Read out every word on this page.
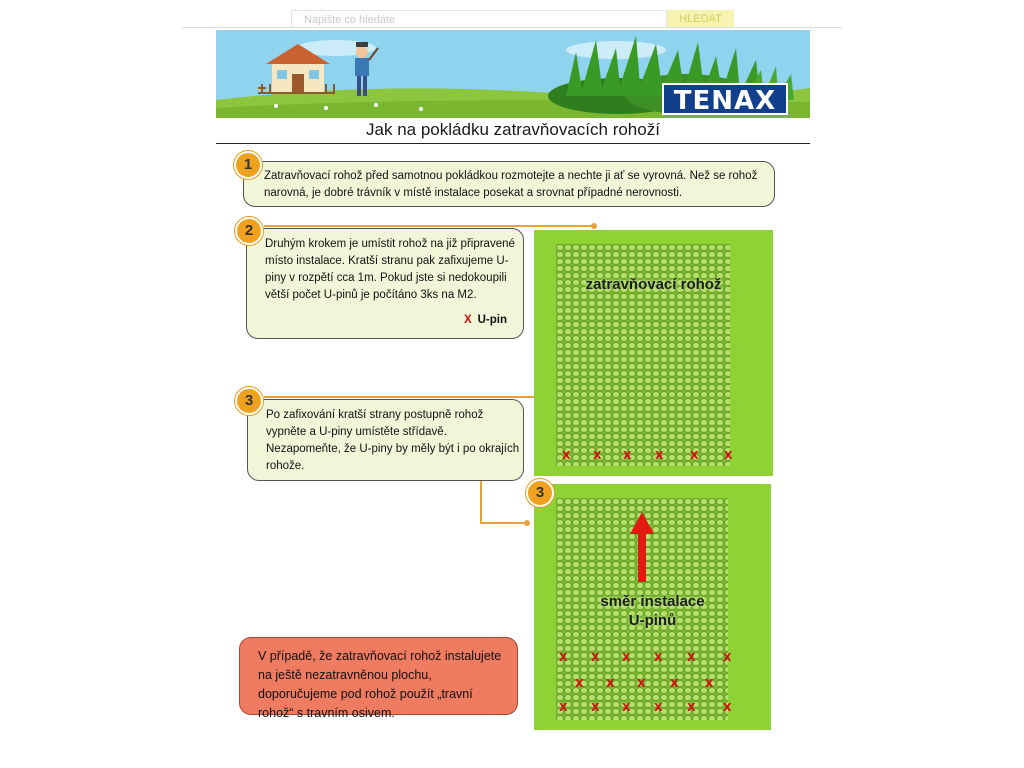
Napište co hledáte	HLEDAT
TENAX
Jak na pokládku zatravňovacích rohoží
Zatravňovací rohož před samotnou pokládkou rozmotejte a nechte ji ať se vyrovná. Než se rohož narovná, je dobré trávník v místě instalace posekat a srovnat případné nerovnosti.
1
Druhým krokem je umístit rohož na již připravené místo instalace. Kratší stranu pak zafixujeme U-piny v rozpětí cca 1m. Pokud jste si nedokoupili větší počet U-pinů je počítáno 3ks na M2.
X U-pin
2
Po zafixování kratší strany postupně rohož vypněte a U-piny umístěte střídavě. Nezapomeňte, že U-piny by měly být i po okrajích rohože.
3
zatravňovací rohož
X X X X X X
směr instalace
U-pinů
X X X X X	X
X X X X X
X X X X X	X
3
V případě, že zatravňovací rohož instalujete na ještě nezatravněnou plochu, doporučujeme pod rohož použít „travní rohož“ s travním osivem.
